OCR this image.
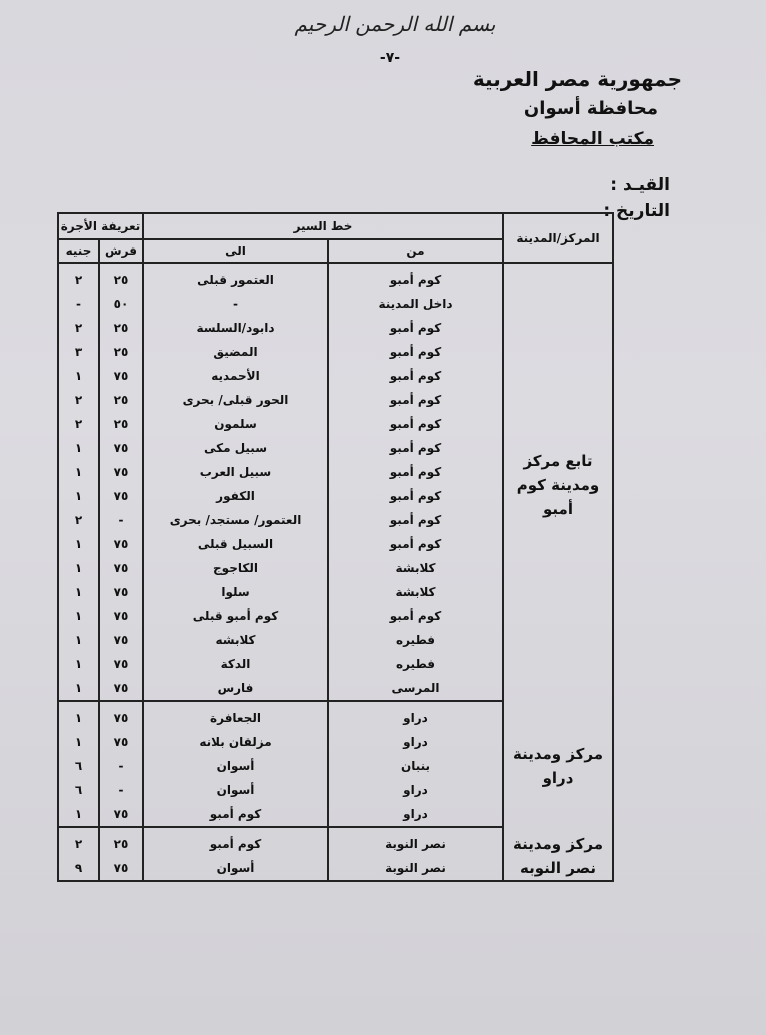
بسم الله الرحمن الرحيم
-٧-
جمهورية مصر العربية
محافظة أسوان
مكتب المحافظ
القيـد :
التاريخ :
المركز/المدينة	خط السير		تعريفة الأجرة	
	من	الى	قرش	جنيه
تابع مركز ومدينة كوم أمبو	كوم أمبو	العتمور قبلى	٢٥	٢
	داخل المدينة	-	٥٠	-
	كوم أمبو	دابود/السلسة	٢٥	٢
	كوم أمبو	المضيق	٢٥	٣
	كوم أمبو	الأحمديه	٧٥	١
	كوم أمبو	الحور قبلى/ بحرى	٢٥	٢
	كوم أمبو	سلمون	٢٥	٢
	كوم أمبو	سبيل مكى	٧٥	١
	كوم أمبو	سبيل العرب	٧٥	١
	كوم أمبو	الكفور	٧٥	١
	كوم أمبو	العتمور/ مستجد/ بحرى	-	٢
	كوم أمبو	السبيل قبلى	٧٥	١
	كلابشة	الكاجوج	٧٥	١
	كلابشة	سلوا	٧٥	١
	كوم أمبو	كوم أمبو قبلى	٧٥	١
	فطيره	كلابشه	٧٥	١
	فطيره	الدكة	٧٥	١
	المرسى	فارس	٧٥	١
مركز ومدينة دراو	دراو	الجعافرة	٧٥	١
	دراو	مزلقان بلانه	٧٥	١
	بنبان	أسوان	-	٦
	دراو	أسوان	-	٦
	دراو	كوم أمبو	٧٥	١
مركز ومدينة نصر النوبه	نصر النوبة	كوم أمبو	٢٥	٢
	نصر النوبة	أسوان	٧٥	٩
